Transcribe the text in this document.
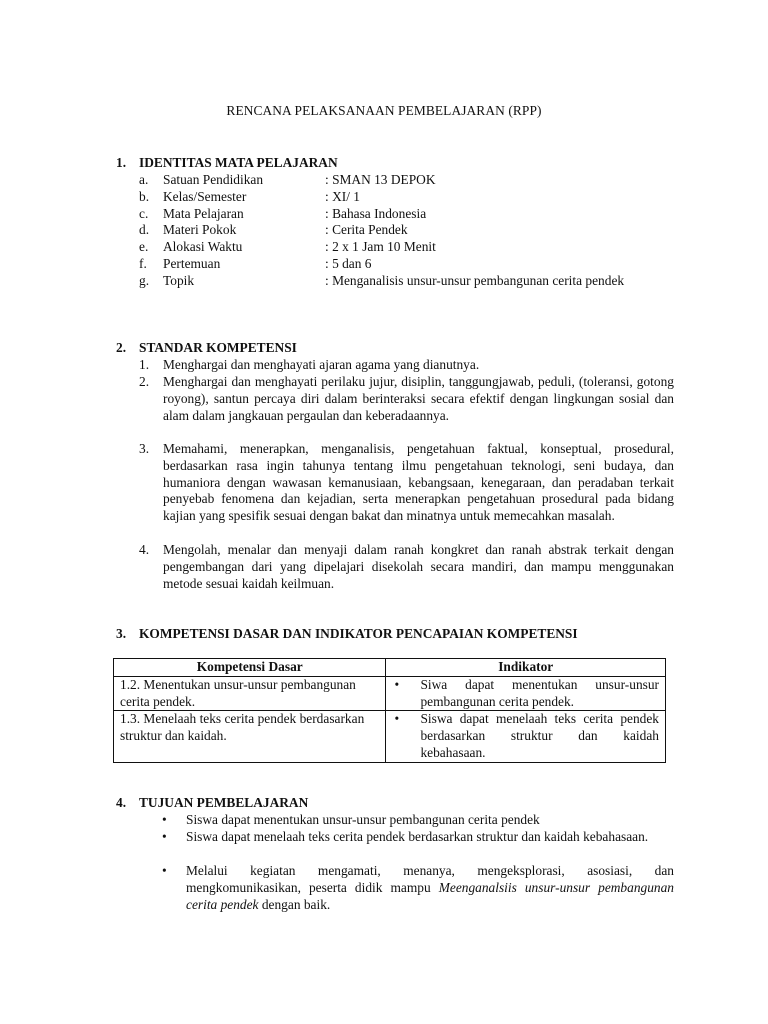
RENCANA PELAKSANAAN PEMBELAJARAN (RPP)
1. IDENTITAS MATA PELAJARAN
a. Satuan Pendidikan	: SMAN 13 DEPOK
b. Kelas/Semester	: XI/ 1
c. Mata Pelajaran	: Bahasa Indonesia
d. Materi Pokok	: Cerita Pendek
e. Alokasi Waktu	: 2 x 1 Jam 10 Menit
f. Pertemuan	: 5 dan 6
g. Topik	: Menganalisis unsur-unsur pembangunan cerita pendek
2. STANDAR KOMPETENSI
1. Menghargai dan menghayati ajaran agama yang dianutnya.
2. Menghargai dan menghayati perilaku jujur, disiplin, tanggungjawab, peduli, (toleransi, gotong royong), santun percaya diri dalam berinteraksi secara efektif dengan lingkungan sosial dan alam dalam jangkauan pergaulan dan keberadaannya.
3. Memahami, menerapkan, menganalisis, pengetahuan faktual, konseptual, prosedural, berdasarkan rasa ingin tahunya tentang ilmu pengetahuan teknologi, seni budaya, dan humaniora dengan wawasan kemanusiaan, kebangsaan, kenegaraan, dan peradaban terkait penyebab fenomena dan kejadian, serta menerapkan pengetahuan prosedural pada bidang kajian yang spesifik sesuai dengan bakat dan minatnya untuk memecahkan masalah.
4. Mengolah, menalar dan menyaji dalam ranah kongkret dan ranah abstrak terkait dengan pengembangan dari yang dipelajari disekolah secara mandiri, dan mampu menggunakan metode sesuai kaidah keilmuan.
3. KOMPETENSI DASAR DAN INDIKATOR PENCAPAIAN KOMPETENSI
Kompetensi Dasar	Indikator
1.2. Menentukan unsur-unsur pembangunan cerita pendek.	• Siwa dapat menentukan unsur-unsur pembangunan cerita pendek.
1.3. Menelaah teks cerita pendek berdasarkan struktur dan kaidah.	• Siswa dapat menelaah teks cerita pendek berdasarkan struktur dan kaidah kebahasaan.
4. TUJUAN PEMBELAJARAN
• Siswa dapat menentukan unsur-unsur pembangunan cerita pendek
• Siswa dapat menelaah teks cerita pendek berdasarkan struktur dan kaidah kebahasaan.
• Melalui kegiatan mengamati, menanya, mengeksplorasi, asosiasi, dan mengkomunikasikan, peserta didik mampu Meenganalsiis unsur-unsur pembangunan cerita pendek dengan baik.
